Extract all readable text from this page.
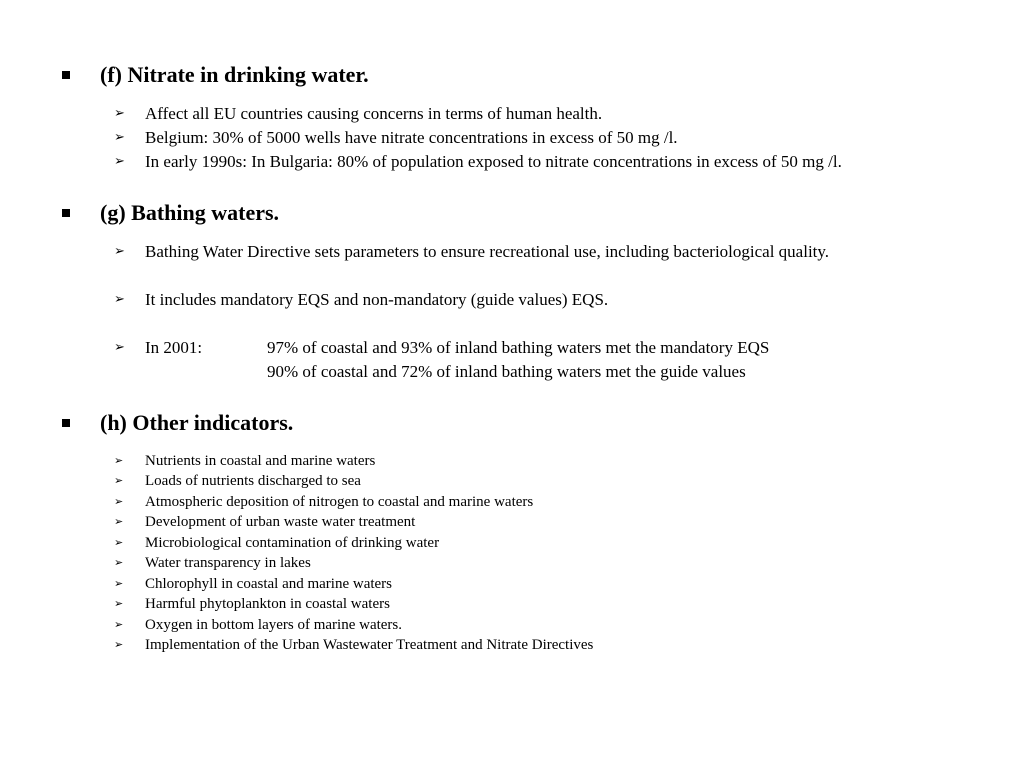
(f) Nitrate in drinking water.
➢ Affect all EU countries causing concerns in terms of human health.
➢ Belgium: 30% of 5000 wells have nitrate concentrations in excess of 50 mg /l.
➢ In early 1990s: In Bulgaria: 80% of population exposed to nitrate concentrations in excess of 50 mg /l.
(g) Bathing waters.
➢ Bathing Water Directive sets parameters to ensure recreational use, including bacteriological quality.
➢ It includes mandatory EQS and non-mandatory (guide values) EQS.
➢ In 2001:	97% of coastal and 93% of inland bathing waters met the mandatory EQS
90% of coastal and 72% of inland bathing waters met the guide values
(h) Other indicators.
➢ Nutrients in coastal and marine waters
➢ Loads of nutrients discharged to sea
➢ Atmospheric deposition of nitrogen to coastal and marine waters
➢ Development of urban waste water treatment
➢ Microbiological contamination of drinking water
➢ Water transparency in lakes
➢ Chlorophyll in coastal and marine waters
➢ Harmful phytoplankton in coastal waters
➢ Oxygen in bottom layers of marine waters.
➢ Implementation of the Urban Wastewater Treatment and Nitrate Directives
